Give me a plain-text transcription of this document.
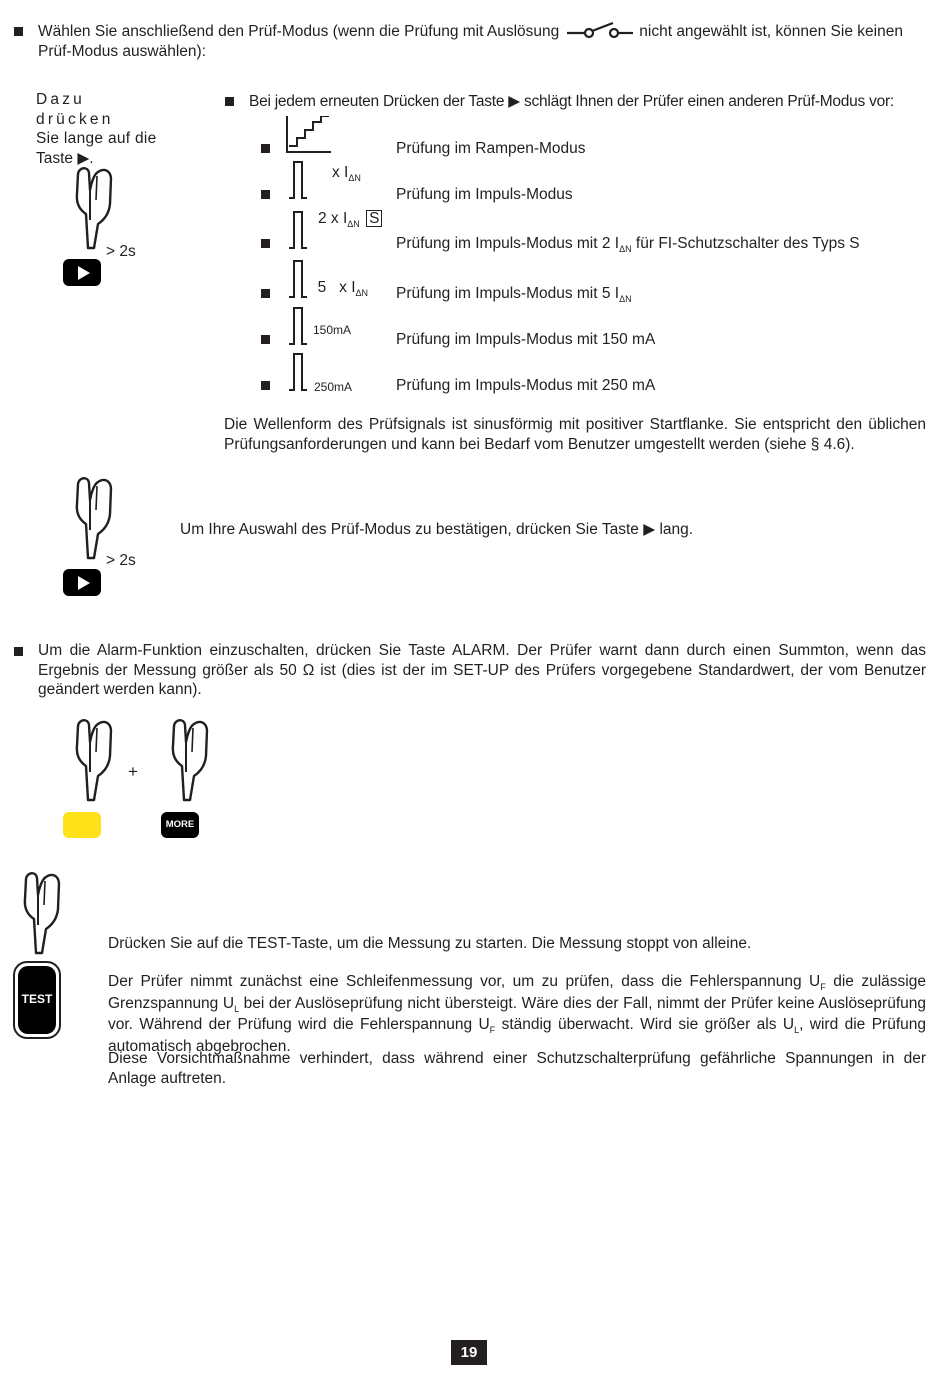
Wählen Sie anschließend den Prüf-Modus (wenn die Prüfung mit Auslösung	nicht angewählt ist, können Sie keinen
Prüf-Modus auswählen):
Dazu drücken
Sie lange auf die
Taste ▶.
> 2s
Bei jedem erneuten Drücken der Taste ▶ schlägt Ihnen der Prüfer einen anderen Prüf-Modus vor:
Prüfung im Rampen-Modus
x $I_{\Delta N}$
Prüfung im Impuls-Modus
2 x $I_{\Delta N}$ S
Prüfung im Impuls-Modus mit 2 $I_{\Delta N}$ für FI-Schutzschalter des Typs S

5   x $I_{\Delta N}$ Prüfung im Impuls-Modus mit 5 $I_{\Delta N}$
150mA
Prüfung im Impuls-Modus mit 150 mA
250mA	Prüfung im Impuls-Modus mit 250 mA
Die Wellenform des Prüfsignals ist sinusförmig mit positiver Startflanke. Sie entspricht den üblichen Prüfungsanforderungen und kann bei Bedarf vom Benutzer umgestellt werden (siehe § 4.6).
> 2s
Um Ihre Auswahl des Prüf-Modus zu bestätigen, drücken Sie Taste ▶ lang.
Um die Alarm-Funktion einzuschalten, drücken Sie Taste ALARM. Der Prüfer warnt dann durch einen Summton, wenn das Ergebnis der Messung größer als 50 Ω ist (dies ist der im SET-UP des Prüfers vorgegebene Standardwert, der vom Benutzer geändert werden kann).
+
MORE
TEST
Drücken Sie auf die TEST-Taste, um die Messung zu starten. Die Messung stoppt von alleine.
Der Prüfer nimmt zunächst eine Schleifenmessung vor, um zu prüfen, dass die Fehlerspannung $U_F$ die zulässige Grenzspannung $U_L$ bei der Auslöseprüfung nicht übersteigt. Wäre dies der Fall, nimmt der Prüfer keine Auslöseprüfung vor. Während der Prüfung wird die Fehlerspannung $U_F$ ständig überwacht. Wird sie größer als $U_L$, wird die Prüfung automatisch abgebrochen.
Diese Vorsichtmaßnahme verhindert, dass während einer Schutzschalterprüfung gefährliche Spannungen in der Anlage auftreten.
19
